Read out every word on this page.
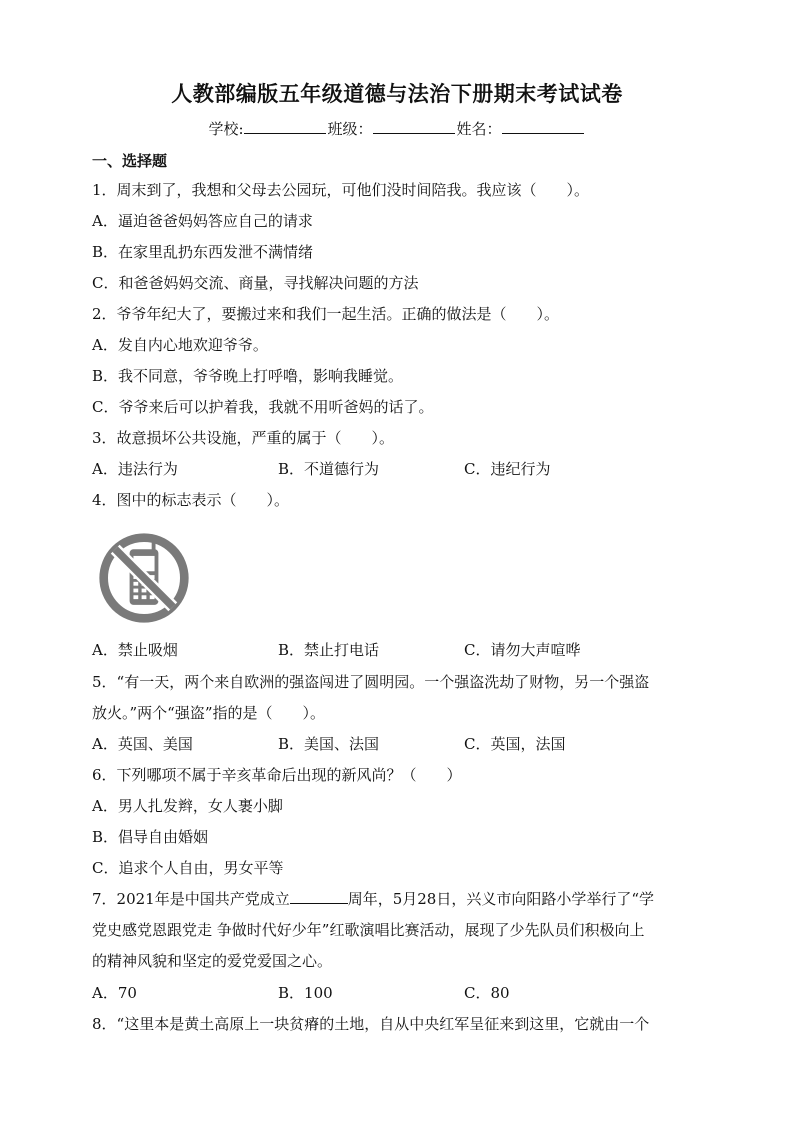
人教部编版五年级道德与法治下册期末考试试卷
学校:	班级：	姓名：
一、选择题
1．周末到了，我想和父母去公园玩，可他们没时间陪我。我应该（　　）。
A．逼迫爸爸妈妈答应自己的请求
B．在家里乱扔东西发泄不满情绪
C．和爸爸妈妈交流、商量，寻找解决问题的方法
2．爷爷年纪大了，要搬过来和我们一起生活。正确的做法是（　　）。
A．发自内心地欢迎爷爷。
B．我不同意，爷爷晚上打呼噜，影响我睡觉。
C．爷爷来后可以护着我，我就不用听爸妈的话了。
3．故意损坏公共设施，严重的属于（　　）。
A．违法行为	B．不道德行为	C．违纪行为
4．图中的标志表示（　　）。
A．禁止吸烟	B．禁止打电话	C．请勿大声喧哗
5．“有一天，两个来自欧洲的强盗闯进了圆明园。一个强盗洗劫了财物，另一个强盗
放火。”两个“强盗”指的是（　　）。
A．英国、美国	B．美国、法国	C．英国，法国
6．下列哪项不属于辛亥革命后出现的新风尚？（　　）
A．男人扎发辫，女人裹小脚
B．倡导自由婚姻
C．追求个人自由，男女平等
7．2021年是中国共产党成立	周年，5月28日，兴义市向阳路小学举行了“学
党史感党恩跟党走 争做时代好少年”红歌演唱比赛活动，展现了少先队员们积极向上
的精神风貌和坚定的爱党爱国之心。
A．70	B．100	C．80
8．“这里本是黄土高原上一块贫瘠的土地，自从中央红军呈征来到这里，它就由一个
